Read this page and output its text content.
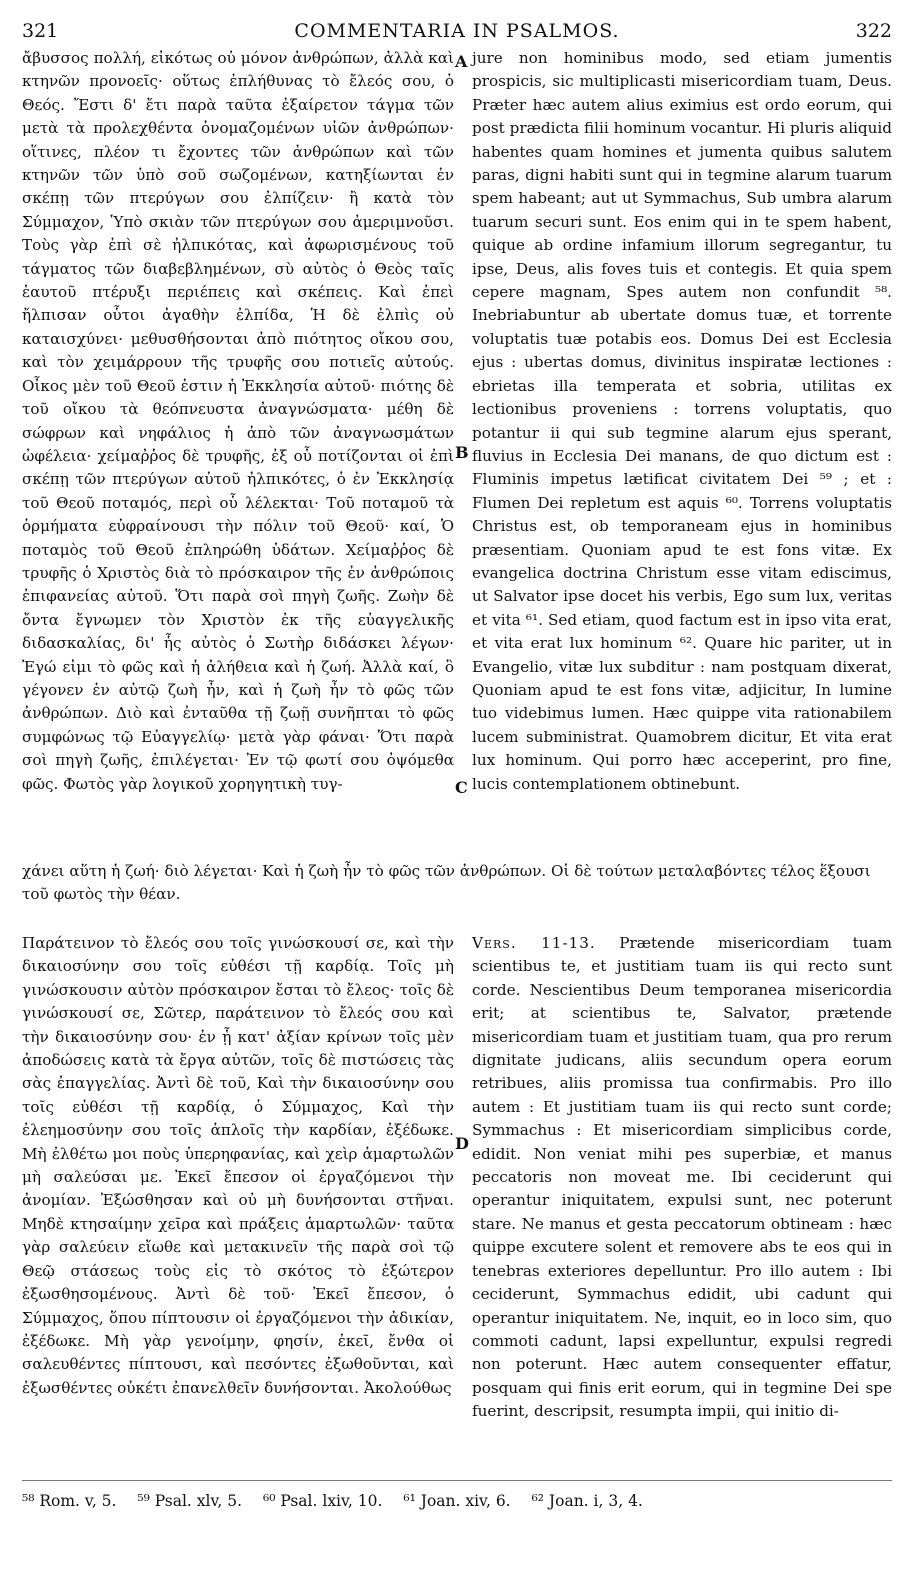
321	COMMENTARIA IN PSALMOS.	322

ἄβυσσος πολλή, εἰκότως οὐ μόνον ἀνθρώπων, ἀλλὰ καὶ κτηνῶν προνοεῖς· οὕτως ἐπλήθυνας τὸ ἔλεός σου, ὁ Θεός. Ἔστι δ' ἔτι παρὰ ταῦτα ἐξαίρετον τάγμα τῶν μετὰ τὰ προλεχθέντα ὀνομαζομένων υἱῶν ἀνθρώπων· οἵτινες, πλέον τι ἔχοντες τῶν ἀνθρώπων καὶ τῶν κτηνῶν τῶν ὑπὸ σοῦ σωζομένων, κατηξίωνται ἐν σκέπῃ τῶν πτερύγων σου ἐλπίζειν· ἢ κατὰ τὸν Σύμμαχον, Ὑπὸ σκιὰν τῶν πτερύγων σου ἀμεριμνοῦσι. Τοὺς γὰρ ἐπὶ σὲ ἠλπικότας, καὶ ἀφωρισμένους τοῦ τάγματος τῶν διαβεβλημένων, σὺ αὐτὸς ὁ Θεὸς ταῖς ἑαυτοῦ πτέρυξι περιέπεις καὶ σκέπεις. Καὶ ἐπεὶ ἤλπισαν οὗτοι ἀγαθὴν ἐλπίδα, Ἡ δὲ ἐλπὶς οὐ καταισχύνει· μεθυσθήσονται ἀπὸ πιότητος οἴκου σου, καὶ τὸν χειμάρρουν τῆς τρυφῆς σου ποτιεῖς αὐτούς. Οἶκος μὲν τοῦ Θεοῦ ἐστιν ἡ Ἐκκλησία αὐτοῦ· πιότης δὲ τοῦ οἴκου τὰ θεόπνευστα ἀναγνώσματα· μέθη δὲ σώφρων καὶ νηφάλιος ἡ ἀπὸ τῶν ἀναγνωσμάτων ὠφέλεια· χείμαῤῥος δὲ τρυφῆς, ἐξ οὗ ποτίζονται οἱ ἐπὶ σκέπῃ τῶν πτερύγων αὐτοῦ ἠλπικότες, ὁ ἐν Ἐκκλησίᾳ τοῦ Θεοῦ ποταμός, περὶ οὗ λέλεκται· Τοῦ ποταμοῦ τὰ ὁρμήματα εὐφραίνουσι τὴν πόλιν τοῦ Θεοῦ· καί, Ὁ ποταμὸς τοῦ Θεοῦ ἐπληρώθη ὑδάτων. Χείμαῤῥος δὲ τρυφῆς ὁ Χριστὸς διὰ τὸ πρόσκαιρον τῆς ἐν ἀνθρώποις ἐπιφανείας αὐτοῦ. Ὅτι παρὰ σοὶ πηγὴ ζωῆς. Ζωὴν δὲ ὄντα ἔγνωμεν τὸν Χριστὸν ἐκ τῆς εὐαγγελικῆς διδασκαλίας, δι' ἧς αὐτὸς ὁ Σωτὴρ διδάσκει λέγων· Ἐγώ εἰμι τὸ φῶς καὶ ἡ ἀλήθεια καὶ ἡ ζωή. Ἀλλὰ καί, ὃ γέγονεν ἐν αὐτῷ ζωὴ ἦν, καὶ ἡ ζωὴ ἦν τὸ φῶς τῶν ἀνθρώπων. Διὸ καὶ ἐνταῦθα τῇ ζωῇ συνῆπται τὸ φῶς συμφώνως τῷ Εὐαγγελίῳ· μετὰ γὰρ φάναι· Ὅτι παρὰ σοὶ πηγὴ ζωῆς, ἐπιλέγεται· Ἐν τῷ φωτί σου ὀψόμεθα φῶς. Φωτὸς γὰρ λογικοῦ χορηγητικὴ τυγ-

A
B
C
D

jure non hominibus modo, sed etiam jumentis prospicis, sic multiplicasti misericordiam tuam, Deus. Præter hæc autem alius eximius est ordo eorum, qui post prædicta filii hominum vocantur. Hi pluris aliquid habentes quam homines et jumenta quibus salutem paras, digni habiti sunt qui in tegmine alarum tuarum spem habeant; aut ut Symmachus, Sub umbra alarum tuarum securi sunt. Eos enim qui in te spem habent, quique ab ordine infamium illorum segregantur, tu ipse, Deus, alis foves tuis et contegis. Et quia spem cepere magnam, Spes autem non confundit ⁵⁸. Inebriabuntur ab ubertate domus tuæ, et torrente voluptatis tuæ potabis eos. Domus Dei est Ecclesia ejus : ubertas domus, divinitus inspiratæ lectiones : ebrietas illa temperata et sobria, utilitas ex lectionibus proveniens : torrens voluptatis, quo potantur ii qui sub tegmine alarum ejus sperant, fluvius in Ecclesia Dei manans, de quo dictum est : Fluminis impetus lætificat civitatem Dei ⁵⁹ ; et : Flumen Dei repletum est aquis ⁶⁰. Torrens voluptatis Christus est, ob temporaneam ejus in hominibus præsentiam. Quoniam apud te est fons vitæ. Ex evangelica doctrina Christum esse vitam ediscimus, ut Salvator ipse docet his verbis, Ego sum lux, veritas et vita ⁶¹. Sed etiam, quod factum est in ipso vita erat, et vita erat lux hominum ⁶². Quare hic pariter, ut in Evangelio, vitæ lux subditur : nam postquam dixerat, Quoniam apud te est fons vitæ, adjicitur, In lumine tuo videbimus lumen. Hæc quippe vita rationabilem lucem subministrat. Quamobrem dicitur, Et vita erat lux hominum. Qui porro hæc acceperint, pro fine, lucis contemplationem obtinebunt.

χάνει αὕτη ἡ ζωή· διὸ λέγεται· Καὶ ἡ ζωὴ ἦν τὸ φῶς τῶν ἀνθρώπων. Οἱ δὲ τούτων μεταλαβόντες τέλος ἕξουσι τοῦ φωτὸς τὴν θέαν.

Παράτεινον τὸ ἔλεός σου τοῖς γινώσκουσί σε, καὶ τὴν δικαιοσύνην σου τοῖς εὐθέσι τῇ καρδίᾳ. Τοῖς μὴ γινώσκουσιν αὐτὸν πρόσκαιρον ἔσται τὸ ἔλεος· τοῖς δὲ γινώσκουσί σε, Σῶτερ, παράτεινον τὸ ἔλεός σου καὶ τὴν δικαιοσύνην σου· ἐν ᾗ κατ' ἀξίαν κρίνων τοῖς μὲν ἀποδώσεις κατὰ τὰ ἔργα αὐτῶν, τοῖς δὲ πιστώσεις τὰς σὰς ἐπαγγελίας. Ἀντὶ δὲ τοῦ, Καὶ τὴν δικαιοσύνην σου τοῖς εὐθέσι τῇ καρδίᾳ, ὁ Σύμμαχος, Καὶ τὴν ἐλεημοσύνην σου τοῖς ἁπλοῖς τὴν καρδίαν, ἐξέδωκε. Μὴ ἐλθέτω μοι ποὺς ὑπερηφανίας, καὶ χεὶρ ἁμαρτωλῶν μὴ σαλεύσαι με. Ἐκεῖ ἔπεσον οἱ ἐργαζόμενοι τὴν ἀνομίαν. Ἐξώσθησαν καὶ οὐ μὴ δυνήσονται στῆναι. Μηδὲ κτησαίμην χεῖρα καὶ πράξεις ἁμαρτωλῶν· ταῦτα γὰρ σαλεύειν εἴωθε καὶ μετακινεῖν τῆς παρὰ σοὶ τῷ Θεῷ στάσεως τοὺς εἰς τὸ σκότος τὸ ἐξώτερον ἐξωσθησομένους. Ἀντὶ δὲ τοῦ· Ἐκεῖ ἔπεσον, ὁ Σύμμαχος, ὅπου πίπτουσιν οἱ ἐργαζόμενοι τὴν ἀδικίαν, ἐξέδωκε. Μὴ γὰρ γενοίμην, φησίν, ἐκεῖ, ἔνθα οἱ σαλευθέντες πίπτουσι, καὶ πεσόντες ἐξωθοῦνται, καὶ ἐξωσθέντες οὐκέτι ἐπανελθεῖν δυνήσονται. Ἀκολούθως

Vers. 11-13. Prætende misericordiam tuam scientibus te, et justitiam tuam iis qui recto sunt corde. Nescientibus Deum temporanea misericordia erit; at scientibus te, Salvator, prætende misericordiam tuam et justitiam tuam, qua pro rerum dignitate judicans, aliis secundum opera eorum retribues, aliis promissa tua confirmabis. Pro illo autem : Et justitiam tuam iis qui recto sunt corde; Symmachus : Et misericordiam simplicibus corde, edidit. Non veniat mihi pes superbiæ, et manus peccatoris non moveat me. Ibi ceciderunt qui operantur iniquitatem, expulsi sunt, nec poterunt stare. Ne manus et gesta peccatorum obtineam : hæc quippe excutere solent et removere abs te eos qui in tenebras exteriores depelluntur. Pro illo autem : Ibi ceciderunt, Symmachus edidit, ubi cadunt qui operantur iniquitatem. Ne, inquit, eo in loco sim, quo commoti cadunt, lapsi expelluntur, expulsi regredi non poterunt. Hæc autem consequenter effatur, posquam qui finis erit eorum, qui in tegmine Dei spe fuerint, descripsit, resumpta impii, qui initio di-

⁵⁸ Rom. v, 5. ⁵⁹ Psal. xlv, 5. ⁶⁰ Psal. lxiv, 10. ⁶¹ Joan. xiv, 6. ⁶² Joan. i, 3, 4.
